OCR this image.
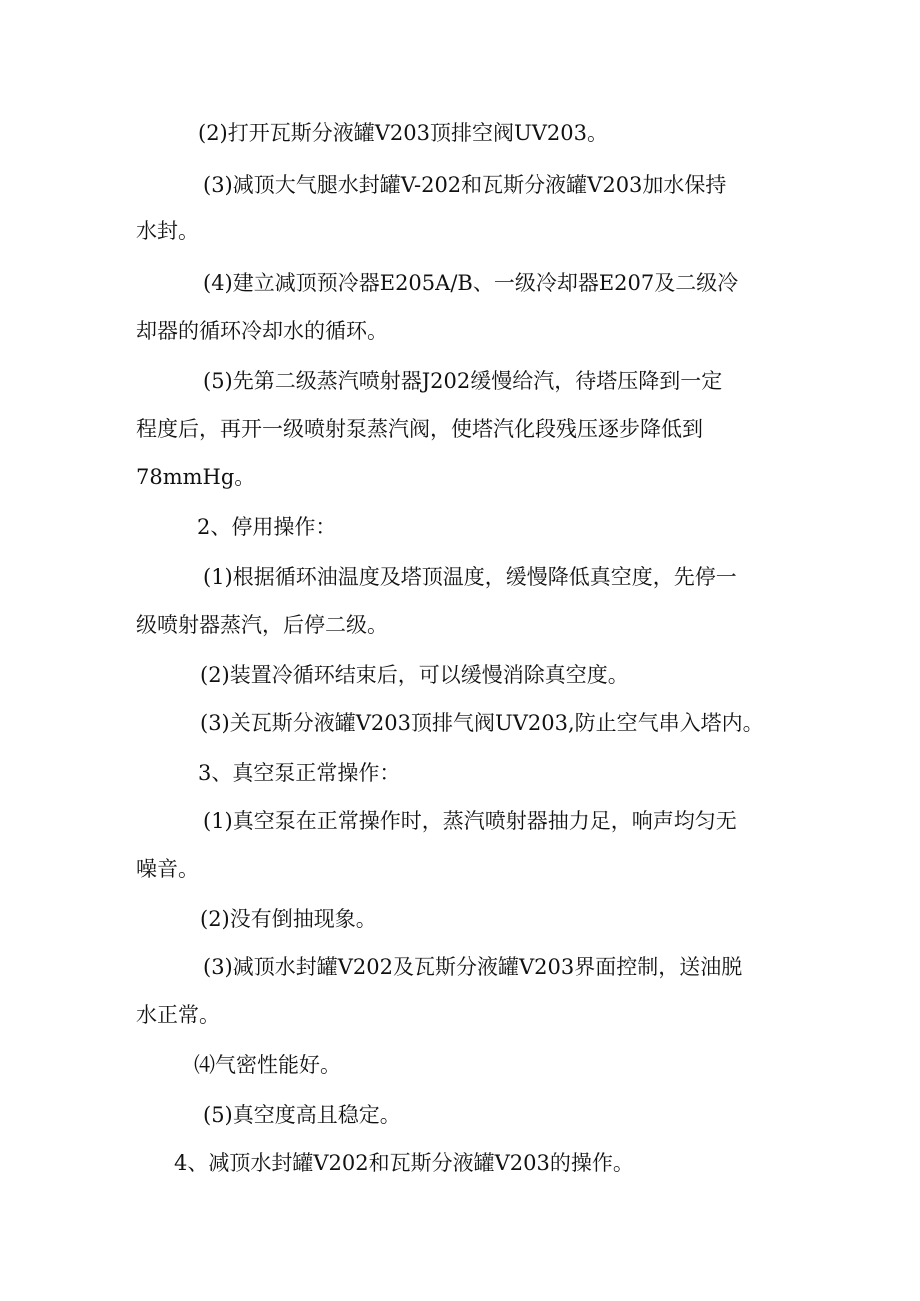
(2)打开瓦斯分液罐V203顶排空阀UV203。
(3)减顶大气腿水封罐V-202和瓦斯分液罐V203加水保持
水封。
(4)建立减顶预冷器E205A/B、一级冷却器E207及二级冷
却器的循环冷却水的循环。
(5)先第二级蒸汽喷射器J202缓慢给汽，待塔压降到一定
程度后，再开一级喷射泵蒸汽阀，使塔汽化段残压逐步降低到
78mmHg。
2、停用操作：
(1)根据循环油温度及塔顶温度，缓慢降低真空度，先停一
级喷射器蒸汽，后停二级。
(2)装置冷循环结束后，可以缓慢消除真空度。
(3)关瓦斯分液罐V203顶排气阀UV203,防止空气串入塔内。
3、真空泵正常操作：
(1)真空泵在正常操作时，蒸汽喷射器抽力足，响声均匀无
噪音。
(2)没有倒抽现象。
(3)减顶水封罐V202及瓦斯分液罐V203界面控制，送油脱
水正常。
⑷气密性能好。
(5)真空度高且稳定。
4、减顶水封罐V202和瓦斯分液罐V203的操作。
